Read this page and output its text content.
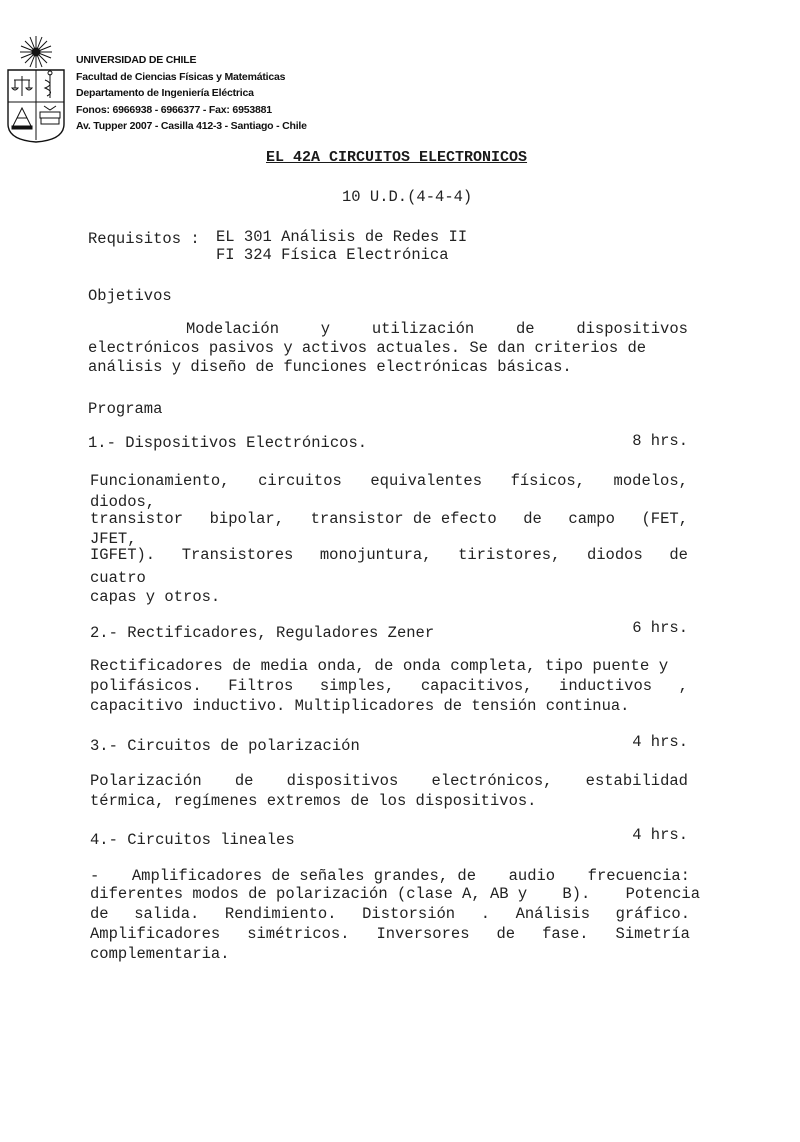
UNIVERSIDAD DE CHILE
Facultad de Ciencias Físicas y Matemáticas
Departamento de Ingeniería Eléctrica
Fonos: 6966938 - 6966377 - Fax: 6953881
Av. Tupper 2007 - Casilla 412-3 - Santiago - Chile
EL 42A CIRCUITOS ELECTRONICOS
10 U.D.(4-4-4)
Requisitos : EL 301 Análisis de Redes II
FI 324 Física Electrónica
Objetivos
Modelación	y	utilización	de	dispositivos
electrónicos pasivos y activos actuales. Se dan criterios de
análisis y diseño de funciones electrónicas básicas.
Programa
1.- Dispositivos Electrónicos.	8 hrs.
Funcionamiento, circuitos equivalentes físicos, modelos,
diodos,
transistor bipolar, transistor de efecto de campo (FET,
JFET,
IGFET). Transistores monojuntura, tiristores, diodos de
cuatro
capas y otros.
2.- Rectificadores, Reguladores Zener	6 hrs.
Rectificadores de media onda, de onda completa, tipo puente y
polifásicos. Filtros simples, capacitivos, inductivos ,
capacitivo inductivo. Multiplicadores de tensión continua.
3.- Circuitos de polarización	4 hrs.
Polarización de dispositivos electrónicos, estabilidad
térmica, regímenes extremos de los dispositivos.
4.- Circuitos lineales	4 hrs.
- Amplificadores de señales grandes, de audio frecuencia:
diferentes modos de polarización (clase A, AB y B). Potencia
de salida. Rendimiento. Distorsión . Análisis gráfico.
Amplificadores simétricos. Inversores de fase. Simetría
complementaria.
